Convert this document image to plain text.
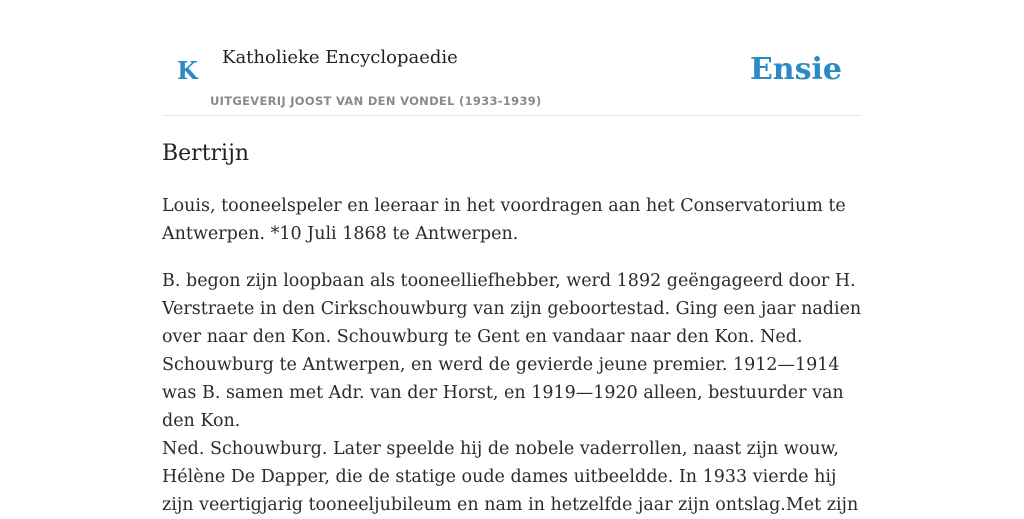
K Katholieke Encyclopaedie
UITGEVERIJ JOOST VAN DEN VONDEL (1933-1939)
Ensie
Bertrijn

Louis, tooneelspeler en leeraar in het voordragen aan het Conservatorium te Antwerpen. *10 Juli 1868 te Antwerpen.

B. begon zijn loopbaan als tooneelliefhebber, werd 1892 geëngageerd door H. Verstraete in den Cirkschouwburg van zijn geboortestad. Ging een jaar nadien over naar den Kon. Schouwburg te Gent en vandaar naar den Kon. Ned. Schouwburg te Antwerpen, en werd de gevierde jeune premier. 1912—1914 was B. samen met Adr. van der Horst, en 1919—1920 alleen, bestuurder van den Kon.

Ned. Schouwburg. Later speelde hij de nobele vaderrollen, naast zijn wouw, Hélène De Dapper, die de statige oude dames uitbeeldde. In 1933 vierde hij zijn veertigjarig tooneeljubileum en nam in hetzelfde jaar zijn ontslag.Met zijn
